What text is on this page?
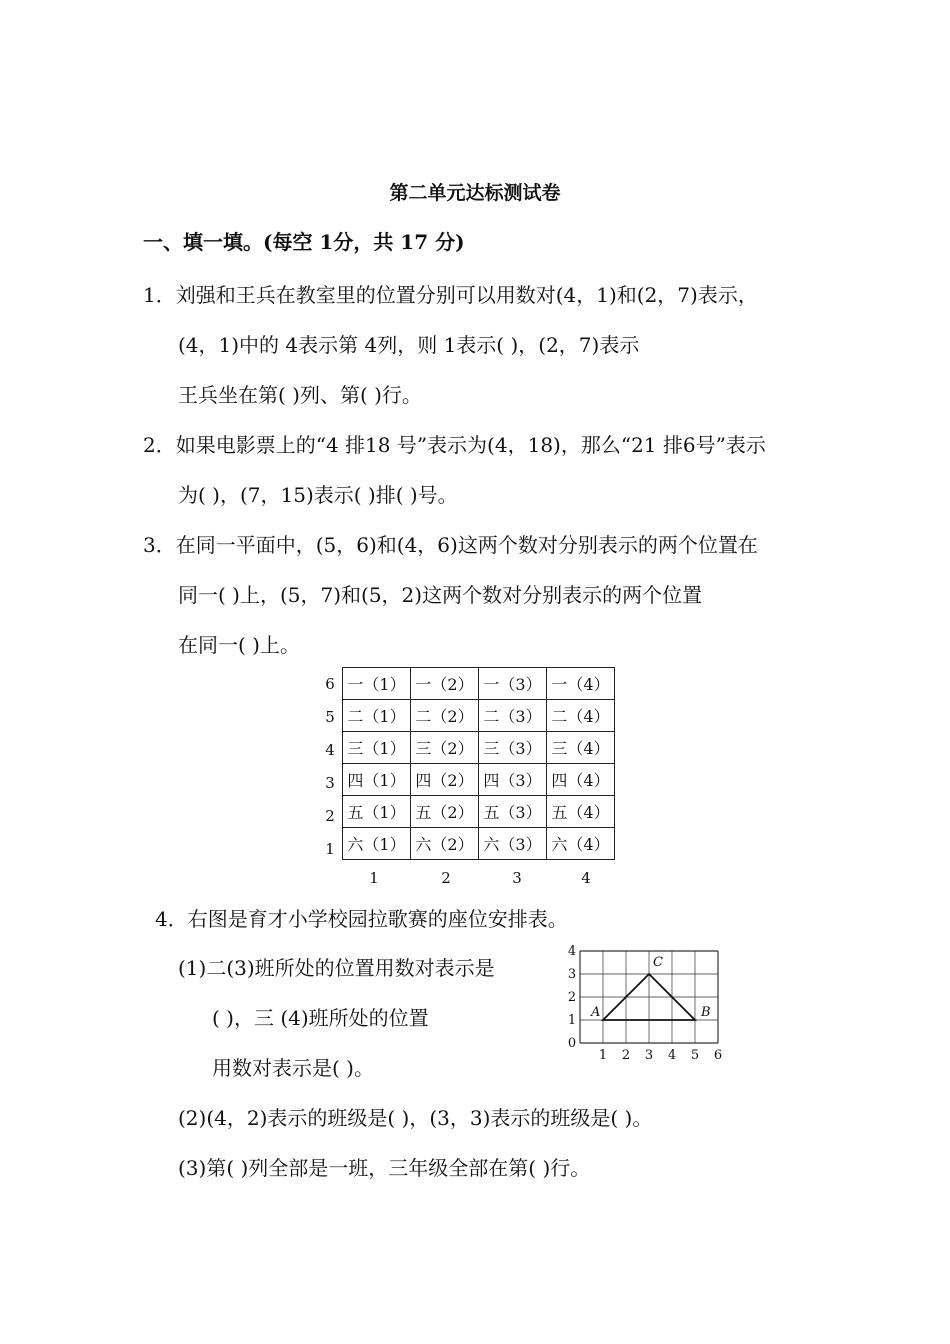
第二单元达标测试卷
一、填一填。(每空 1分，共 17 分)
1．刘强和王兵在教室里的位置分别可以用数对(4，1)和(2，7)表示，
(4，1)中的 4表示第 4列，则 1表示( )，(2，7)表示
王兵坐在第( )列、第( )行。
2．如果电影票上的“4 排18 号”表示为(4，18)，那么“21 排6号”表示
为( )，(7，15)表示( )排( )号。
3．在同一平面中，(5，6)和(4，6)这两个数对分别表示的两个位置在
同一( )上，(5，7)和(5，2)这两个数对分别表示的两个位置
在同一( )上。
6
5
4
3
2
1
一（1）	一（2）	一（3）	一（4）
二（1）	二（2）	二（3）	二（4）
三（1）	三（2）	三（3）	三（4）
四（1）	四（2）	四（3）	四（4）
五（1）	五（2）	五（3）	五（4）
六（1）	六（2）	六（3）	六（4）
1	2	3	4
4．右图是育才小学校园拉歌赛的座位安排表。
(1)二(3)班所处的位置用数对表示是
( )，三 (4)班所处的位置
用数对表示是( )。
(2)(4，2)表示的班级是( )，(3，3)表示的班级是( )。
(3)第( )列全部是一班，三年级全部在第( )行。
1 2 3 4 5 6
0
1
2
3
4
A	B
C
